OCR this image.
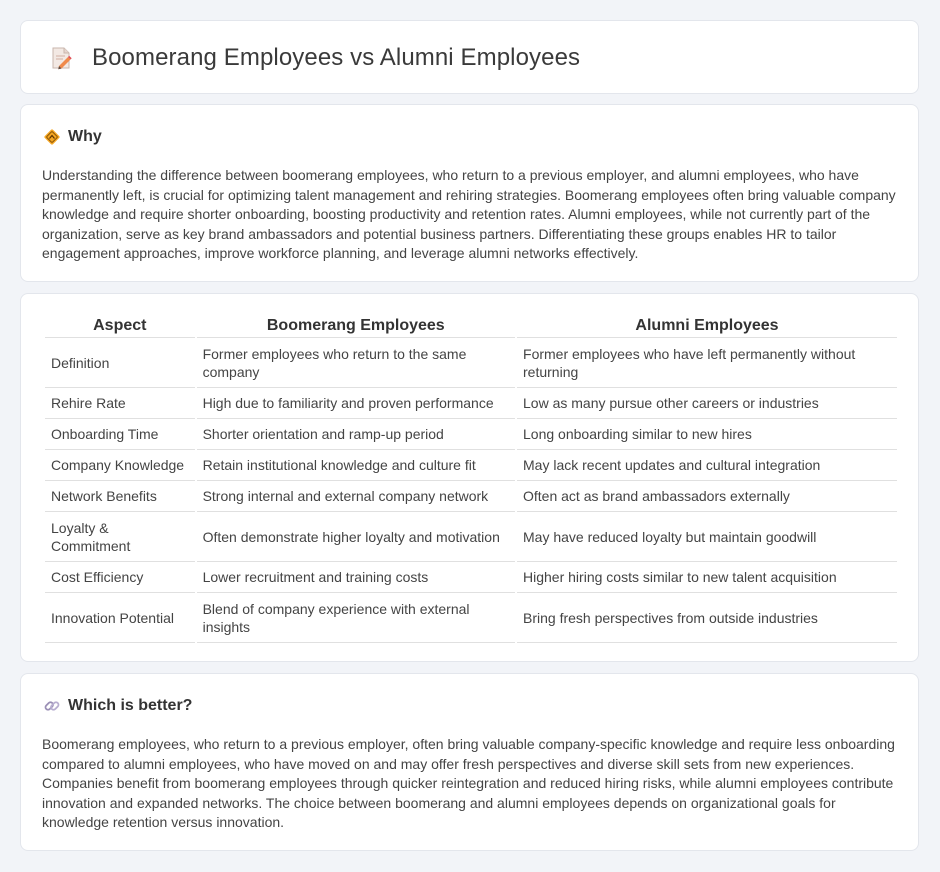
Boomerang Employees vs Alumni Employees
Why

Understanding the difference between boomerang employees, who return to a previous employer, and alumni employees, who have permanently left, is crucial for optimizing talent management and rehiring strategies. Boomerang employees often bring valuable company knowledge and require shorter onboarding, boosting productivity and retention rates. Alumni employees, while not currently part of the organization, serve as key brand ambassadors and potential business partners. Differentiating these groups enables HR to tailor engagement approaches, improve workforce planning, and leverage alumni networks effectively.

Aspect	Boomerang Employees	Alumni Employees
Definition	Former employees who return to the same company	Former employees who have left permanently without returning
Rehire Rate	High due to familiarity and proven performance	Low as many pursue other careers or industries
Onboarding Time	Shorter orientation and ramp-up period	Long onboarding similar to new hires
Company Knowledge	Retain institutional knowledge and culture fit	May lack recent updates and cultural integration
Network Benefits	Strong internal and external company network	Often act as brand ambassadors externally
Loyalty & Commitment	Often demonstrate higher loyalty and motivation	May have reduced loyalty but maintain goodwill
Cost Efficiency	Lower recruitment and training costs	Higher hiring costs similar to new talent acquisition
Innovation Potential	Blend of company experience with external insights	Bring fresh perspectives from outside industries
Which is better?

Boomerang employees, who return to a previous employer, often bring valuable company-specific knowledge and require less onboarding compared to alumni employees, who have moved on and may offer fresh perspectives and diverse skill sets from new experiences. Companies benefit from boomerang employees through quicker reintegration and reduced hiring risks, while alumni employees contribute innovation and expanded networks. The choice between boomerang and alumni employees depends on organizational goals for knowledge retention versus innovation.
